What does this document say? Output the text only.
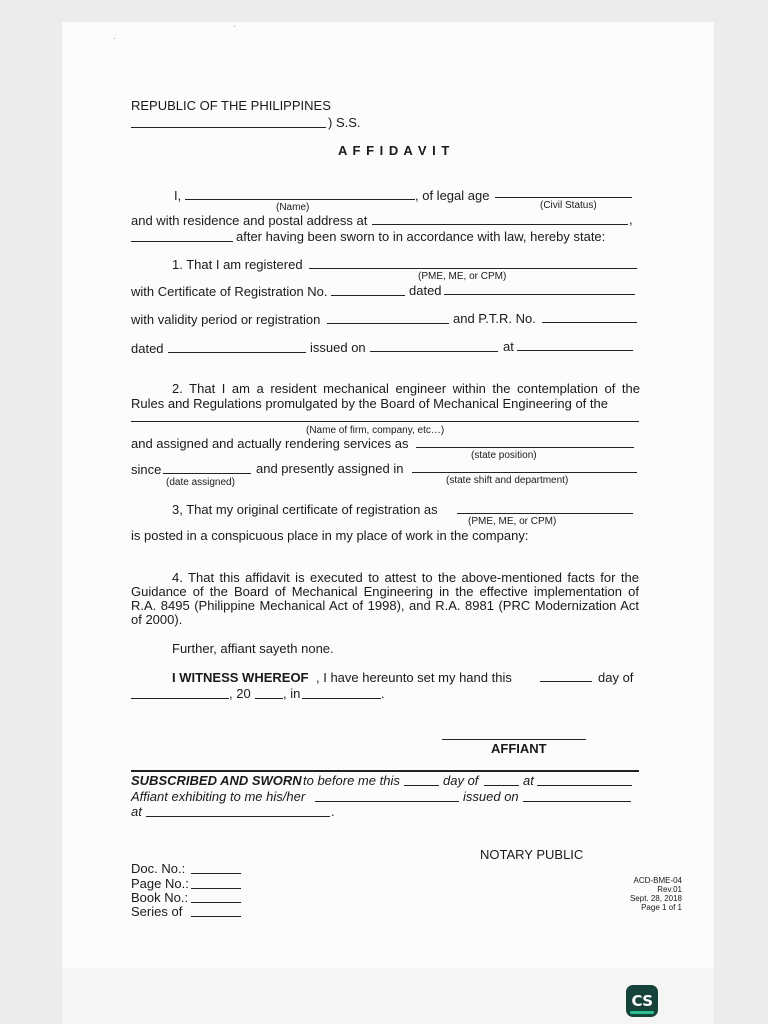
·
·
REPUBLIC OF THE PHILIPPINES
) S.S.
A F F I D A V I T
I,	, of legal age
(Name)	(Civil Status)
and with residence and postal address at	,
after having been sworn to in accordance with law, hereby state:
1. That I am registered
(PME, ME, or CPM)
with Certificate of Registration No.	dated
with validity period or registration	and P.T.R. No.
dated	issued on	at
2. That I am a resident mechanical engineer within the contemplation of the
Rules and Regulations promulgated by the Board of Mechanical Engineering of the
(Name of firm, company, etc…)
and assigned and actually rendering services as
(state position)
since	and presently assigned in
(date assigned)	(state shift and department)
3, That my original certificate of registration as
(PME, ME, or CPM)
is posted in a conspicuous place in my place of work in the company:
4. That this affidavit is executed to attest to the above-mentioned facts for the
Guidance of the Board of Mechanical Engineering in the effective implementation of
R.A. 8495 (Philippine Mechanical Act of 1998), and R.A. 8981 (PRC Modernization Act
of 2000).
Further, affiant sayeth none.
I WITNESS WHEREOF , I have hereunto set my hand this	day of
, 20 , in	.
AFFIANT
SUBSCRIBED AND SWORN to before me this	day of	at
Affiant exhibiting to me his/her	issued on
at	.
NOTARY PUBLIC
Doc. No.:
Page No.:
Book No.:
Series of
ACD-BME-04
Rev.01
Sept. 28, 2018
Page 1 of 1
CS
